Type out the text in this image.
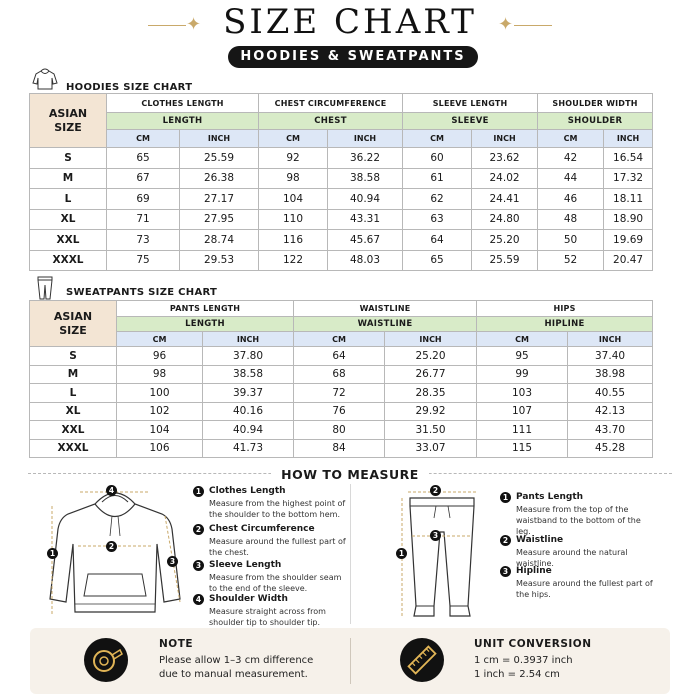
✦ SIZE CHART	✦
HOODIES & SWEATPANTS
HOODIES SIZE CHART
ASIAN
SIZE	CLOTHES LENGTH		CHEST CIRCUMFERENCE		SLEEVE LENGTH		SHOULDER WIDTH	
	LENGTH		CHEST		SLEEVE		SHOULDER	
	CM	INCH	CM	INCH	CM	INCH	CM	INCH
S	65	25.59	92	36.22	60	23.62	42	16.54
M	67	26.38	98	38.58	61	24.02	44	17.32
L	69	27.17	104	40.94	62	24.41	46	18.11
XL	71	27.95	110	43.31	63	24.80	48	18.90
XXL	73	28.74	116	45.67	64	25.20	50	19.69
XXXL	75	29.53	122	48.03	65	25.59	52	20.47
SWEATPANTS SIZE CHART
ASIAN
SIZE	PANTS LENGTH		WAISTLINE		HIPS	
	LENGTH		WAISTLINE		HIPLINE	
	CM	INCH	CM	INCH	CM	INCH
S	96	37.80	64	25.20	95	37.40
M	98	38.58	68	26.77	99	38.98
L	100	39.37	72	28.35	103	40.55
XL	102	40.16	76	29.92	107	42.13
XXL	104	40.94	80	31.50	111	43.70
XXXL	106	41.73	84	33.07	115	45.28
HOW TO MEASURE
4
2
1
3
1 Clothes Length
Measure from the highest point of the shoulder to the bottom hem.
2 Chest Circumference
Measure around the fullest part of the chest.
3 Sleeve Length
Measure from the shoulder seam to the end of the sleeve.
4 Shoulder Width
Measure straight across from shoulder tip to shoulder tip.
2
3
1
1 Pants Length
Measure from the top of the waistband to the bottom of the leg.
2 Waistline
Measure around the natural waistline.
3 Hipline
Measure around the fullest part of the hips.
NOTE
Please allow 1–3 cm difference
due to manual measurement.
UNIT CONVERSION
1 cm = 0.3937 inch
1 inch = 2.54 cm
